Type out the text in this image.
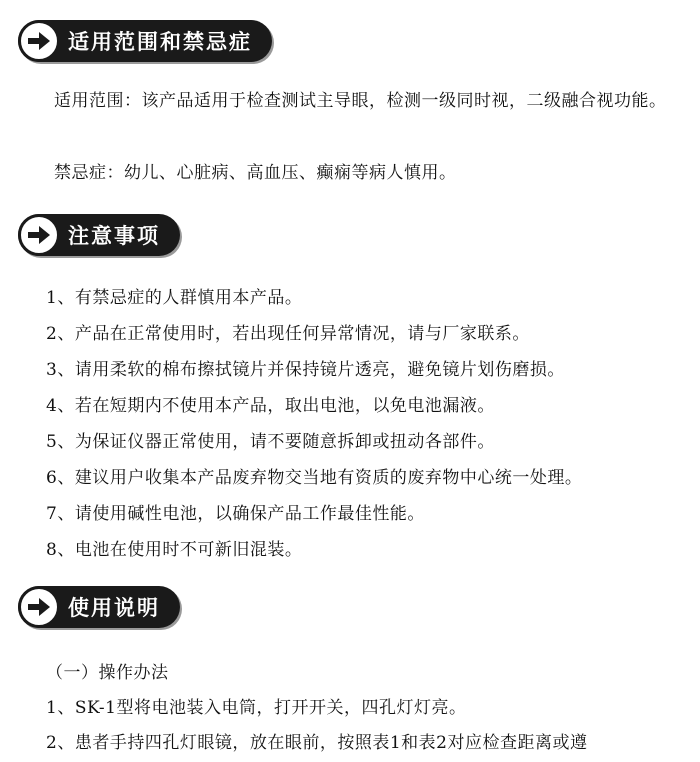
适用范围和禁忌症

适用范围：该产品适用于检查测试主导眼，检测一级同时视，二级融合视功能。

禁忌症：幼儿、心脏病、高血压、癫痫等病人慎用。

注意事项
1、有禁忌症的人群慎用本产品。
2、产品在正常使用时，若出现任何异常情况，请与厂家联系。
3、请用柔软的棉布擦拭镜片并保持镜片透亮，避免镜片划伤磨损。
4、若在短期内不使用本产品，取出电池，以免电池漏液。
5、为保证仪器正常使用，请不要随意拆卸或扭动各部件。
6、建议用户收集本产品废弃物交当地有资质的废弃物中心统一处理。
7、请使用碱性电池，以确保产品工作最佳性能。
8、电池在使用时不可新旧混装。
使用说明
（一）操作办法
1、SK-1型将电池装入电筒，打开开关，四孔灯灯亮。
2、患者手持四孔灯眼镜，放在眼前，按照表1和表2对应检查距离或遵
